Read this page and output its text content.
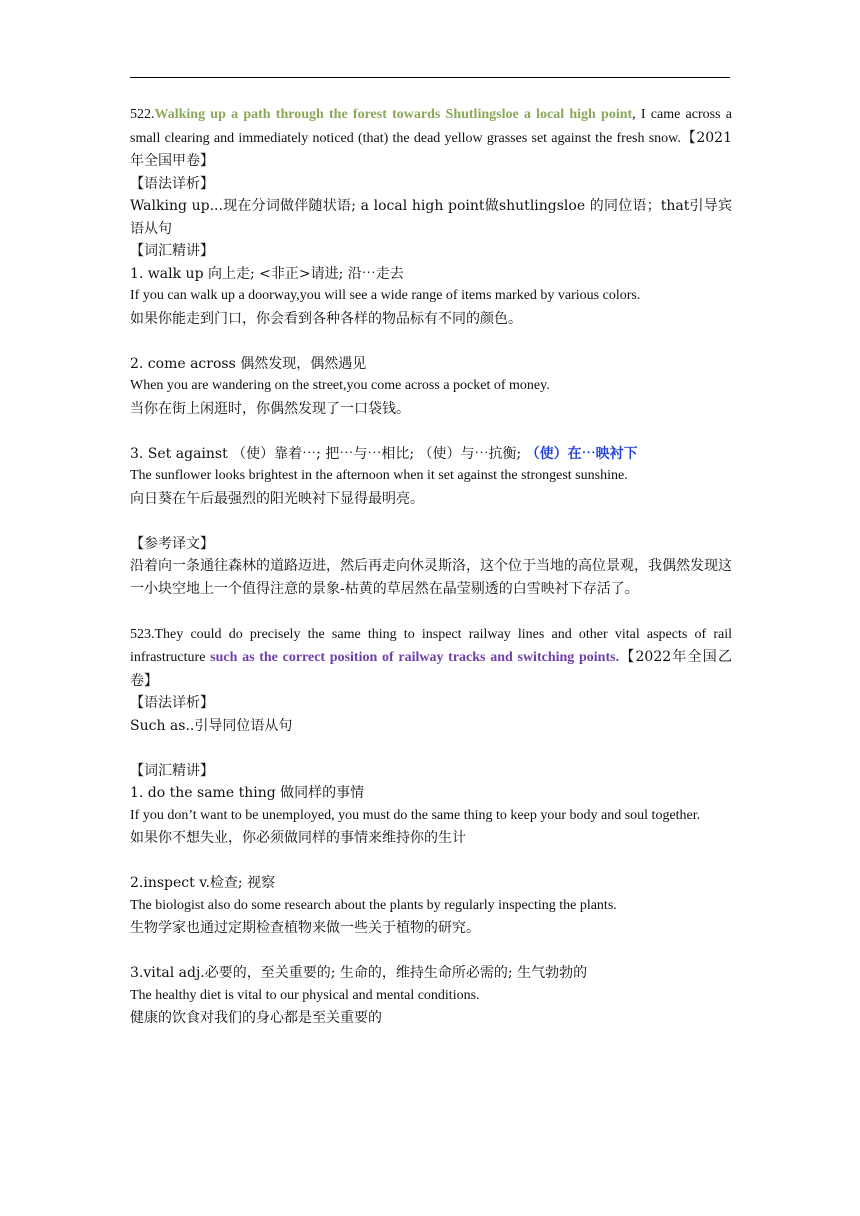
522.Walking up a path through the forest towards Shutlingsloe a local high point, I came across a small clearing and immediately noticed (that) the dead yellow grasses set against the fresh snow.【2021年全国甲卷】

【语法详析】

Walking up...现在分词做伴随状语; a local high point做shutlingsloe 的同位语；that引导宾语从句

【词汇精讲】

1. walk up 向上走; <非正>请进; 沿⋯走去

If you can walk up a doorway,you will see a wide range of items marked by various colors.

如果你能走到门口，你会看到各种各样的物品标有不同的颜色。

2. come across 偶然发现，偶然遇见

When you are wandering on the street,you come across a pocket of money.

当你在街上闲逛时，你偶然发现了一口袋钱。

3. Set against （使）靠着⋯; 把⋯与⋯相比; （使）与⋯抗衡; （使）在⋯映衬下

The sunflower looks brightest in the afternoon when it set against the strongest sunshine.

向日葵在午后最强烈的阳光映衬下显得最明亮。

【参考译文】

沿着向一条通往森林的道路迈进，然后再走向休灵斯洛，这个位于当地的高位景观，我偶然发现这一小块空地上一个值得注意的景象-枯黄的草居然在晶莹剔透的白雪映衬下存活了。

523.They could do precisely the same thing to inspect railway lines and other vital aspects of rail infrastructure such as the correct position of railway tracks and switching points.【2022年全国乙卷】

【语法详析】

Such as..引导同位语从句

【词汇精讲】

1. do the same thing 做同样的事情

If you don’t want to be unemployed, you must do the same thing to keep your body and soul together.

如果你不想失业，你必须做同样的事情来维持你的生计

2.inspect v.检查; 视察

The biologist also do some research about the plants by regularly inspecting the plants.

生物学家也通过定期检查植物来做一些关于植物的研究。

3.vital adj.必要的，至关重要的; 生命的，维持生命所必需的; 生气勃勃的

The healthy diet is vital to our physical and mental conditions.

健康的饮食对我们的身心都是至关重要的
